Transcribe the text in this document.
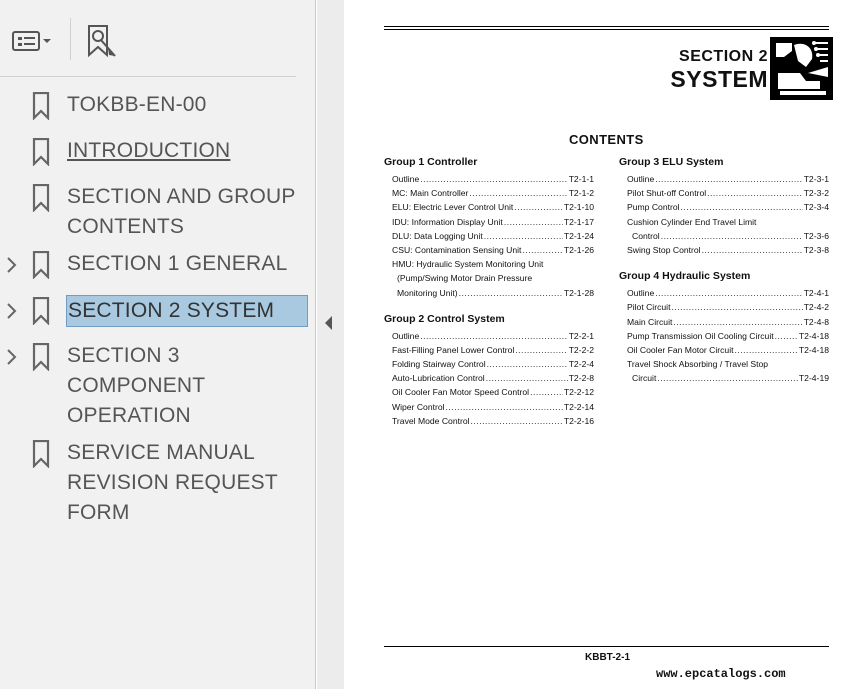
TOKBB-EN-00
INTRODUCTION
SECTION AND GROUP
CONTENTS
SECTION 1 GENERAL
SECTION 2 SYSTEM
SECTION 3
COMPONENT
OPERATION
SERVICE MANUAL
REVISION REQUEST
FORM
SECTION 2
SYSTEM
CONTENTS
Group 1 Controller
Outline .....	T2-1-1
MC: Main Controller .....	T2-1-2
ELU: Electric Lever Control Unit .....	T2-1-10
IDU: Information Display Unit .....	T2-1-17
DLU: Data Logging Unit .....	T2-1-24
CSU: Contamination Sensing Unit .....	T2-1-26
HMU: Hydraulic System Monitoring Unit
(Pump/Swing Motor Drain Pressure
Monitoring Unit) .....	T2-1-28
Group 2 Control System
Outline .....	T2-2-1
Fast-Filling Panel Lower Control .....	T2-2-2
Folding Stairway Control .....	T2-2-4
Auto-Lubrication Control .....	T2-2-8
Oil Cooler Fan Motor Speed Control .....	T2-2-12
Wiper Control .....	T2-2-14
Travel Mode Control .....	T2-2-16
Group 3 ELU System
Outline .....	T2-3-1
Pilot Shut-off Control .....	T2-3-2
Pump Control .....	T2-3-4
Cushion Cylinder End Travel Limit
Control .....	T2-3-6
Swing Stop Control .....	T2-3-8
Group 4 Hydraulic System
Outline .....	T2-4-1
Pilot Circuit .....	T2-4-2
Main Circuit .....	T2-4-8
Pump Transmission Oil Cooling Circuit .....	T2-4-18
Oil Cooler Fan Motor Circuit .....	T2-4-18
Travel Shock Absorbing / Travel Stop
Circuit .....	T2-4-19
KBBT-2-1
www.epcatalogs.com
